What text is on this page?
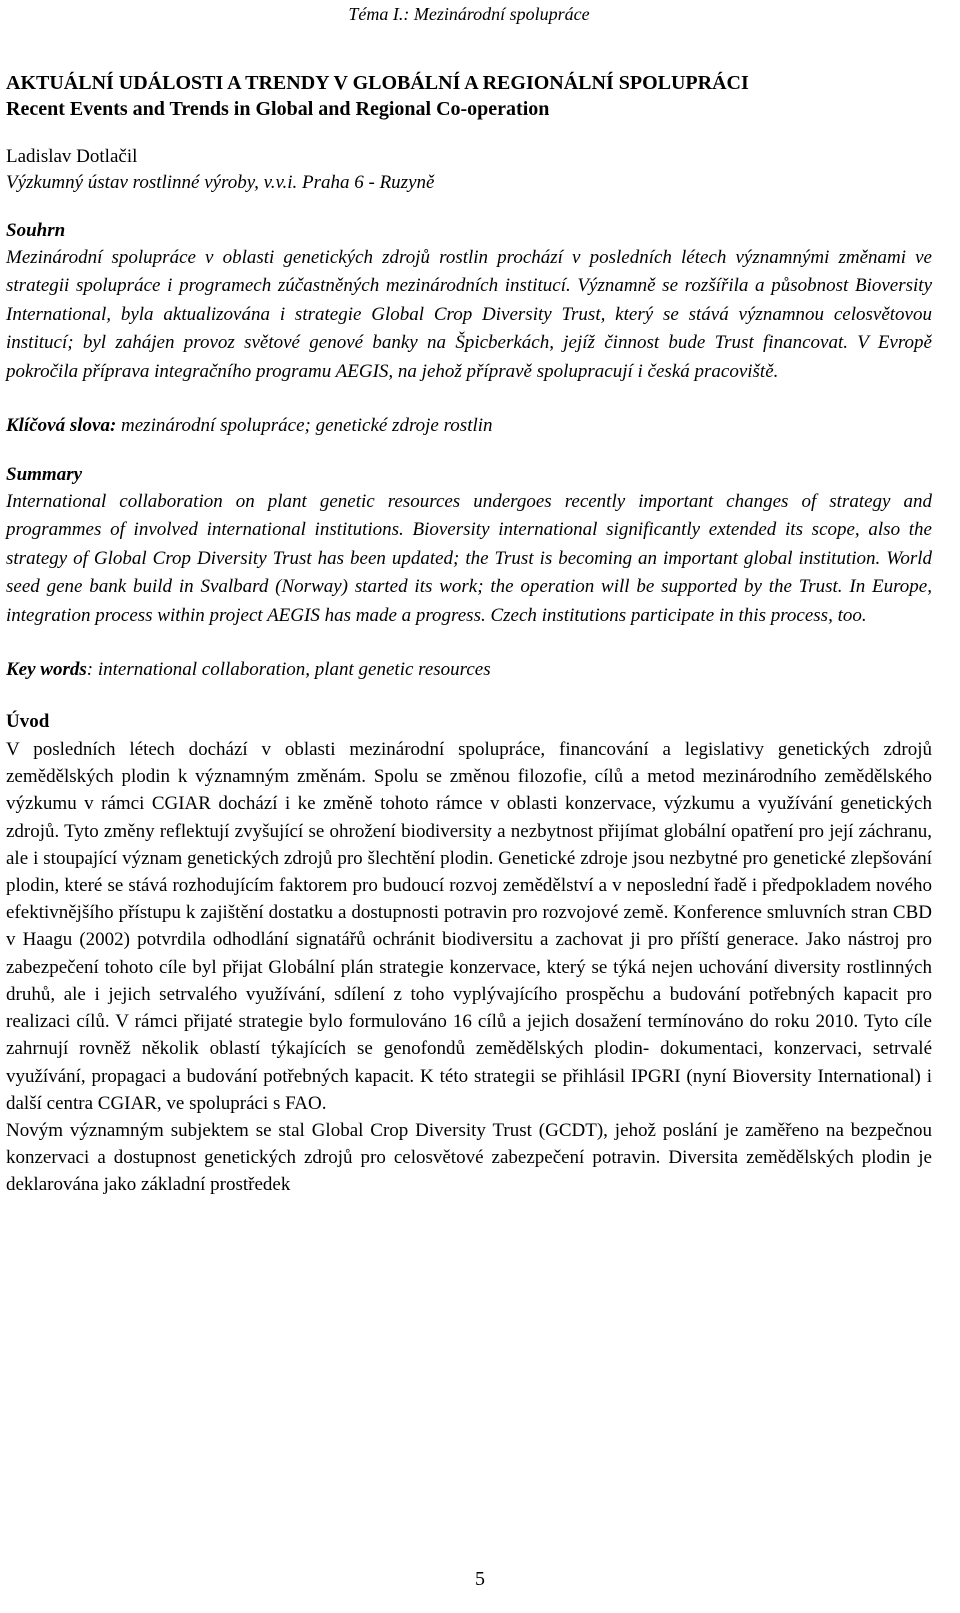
Téma I.: Mezinárodní spolupráce
AKTUÁLNÍ UDÁLOSTI A TRENDY V GLOBÁLNÍ A REGIONÁLNÍ SPOLUPRÁCI
Recent Events and Trends in Global and Regional Co-operation
Ladislav Dotlačil
Výzkumný ústav rostlinné výroby, v.v.i. Praha 6 - Ruzyně
Souhrn

Mezinárodní spolupráce v oblasti genetických zdrojů rostlin prochází v posledních létech významnými změnami ve strategii spolupráce i programech zúčastněných mezinárodních institucí. Významně se rozšířila a působnost Bioversity International, byla aktualizována i strategie Global Crop Diversity Trust, který se stává významnou celosvětovou institucí; byl zahájen provoz světové genové banky na Špicberkách, jejíž činnost bude Trust financovat. V Evropě pokročila příprava integračního programu AEGIS, na jehož přípravě spolupracují i česká pracoviště.

Klíčová slova: mezinárodní spolupráce; genetické zdroje rostlin
Summary

International collaboration on plant genetic resources undergoes recently important changes of strategy and programmes of involved international institutions. Bioversity international significantly extended its scope, also the strategy of Global Crop Diversity Trust has been updated; the Trust is becoming an important global institution. World seed gene bank build in Svalbard (Norway) started its work; the operation will be supported by the Trust. In Europe, integration process within project AEGIS has made a progress. Czech institutions participate in this process, too.

Key words: international collaboration, plant genetic resources
Úvod

V posledních létech dochází v oblasti mezinárodní spolupráce, financování a legislativy genetických zdrojů zemědělských plodin k významným změnám. Spolu se změnou filozofie, cílů a metod mezinárodního zemědělského výzkumu v rámci CGIAR dochází i ke změně tohoto rámce v oblasti konzervace, výzkumu a využívání genetických zdrojů. Tyto změny reflektují zvyšující se ohrožení biodiversity a nezbytnost přijímat globální opatření pro její záchranu, ale i stoupající význam genetických zdrojů pro šlechtění plodin. Genetické zdroje jsou nezbytné pro genetické zlepšování plodin, které se stává rozhodujícím faktorem pro budoucí rozvoj zemědělství a v neposlední řadě i předpokladem nového efektivnějšího přístupu k zajištění dostatku a dostupnosti potravin pro rozvojové země. Konference smluvních stran CBD v Haagu (2002) potvrdila odhodlání signatářů ochránit biodiversitu a zachovat ji pro příští generace. Jako nástroj pro zabezpečení tohoto cíle byl přijat Globální plán strategie konzervace, který se týká nejen uchování diversity rostlinných druhů, ale i jejich setrvalého využívání, sdílení z toho vyplývajícího prospěchu a budování potřebných kapacit pro realizaci cílů. V rámci přijaté strategie bylo formulováno 16 cílů a jejich dosažení termínováno do roku 2010. Tyto cíle zahrnují rovněž několik oblastí týkajících se genofondů zemědělských plodin- dokumentaci, konzervaci, setrvalé využívání, propagaci a budování potřebných kapacit. K této strategii se přihlásil IPGRI (nyní Bioversity International) i další centra CGIAR, ve spolupráci s FAO.

Novým významným subjektem se stal Global Crop Diversity Trust (GCDT), jehož poslání je zaměřeno na bezpečnou konzervaci a dostupnost genetických zdrojů pro celosvětové zabezpečení potravin. Diversita zemědělských plodin je deklarována jako základní prostředek

5
